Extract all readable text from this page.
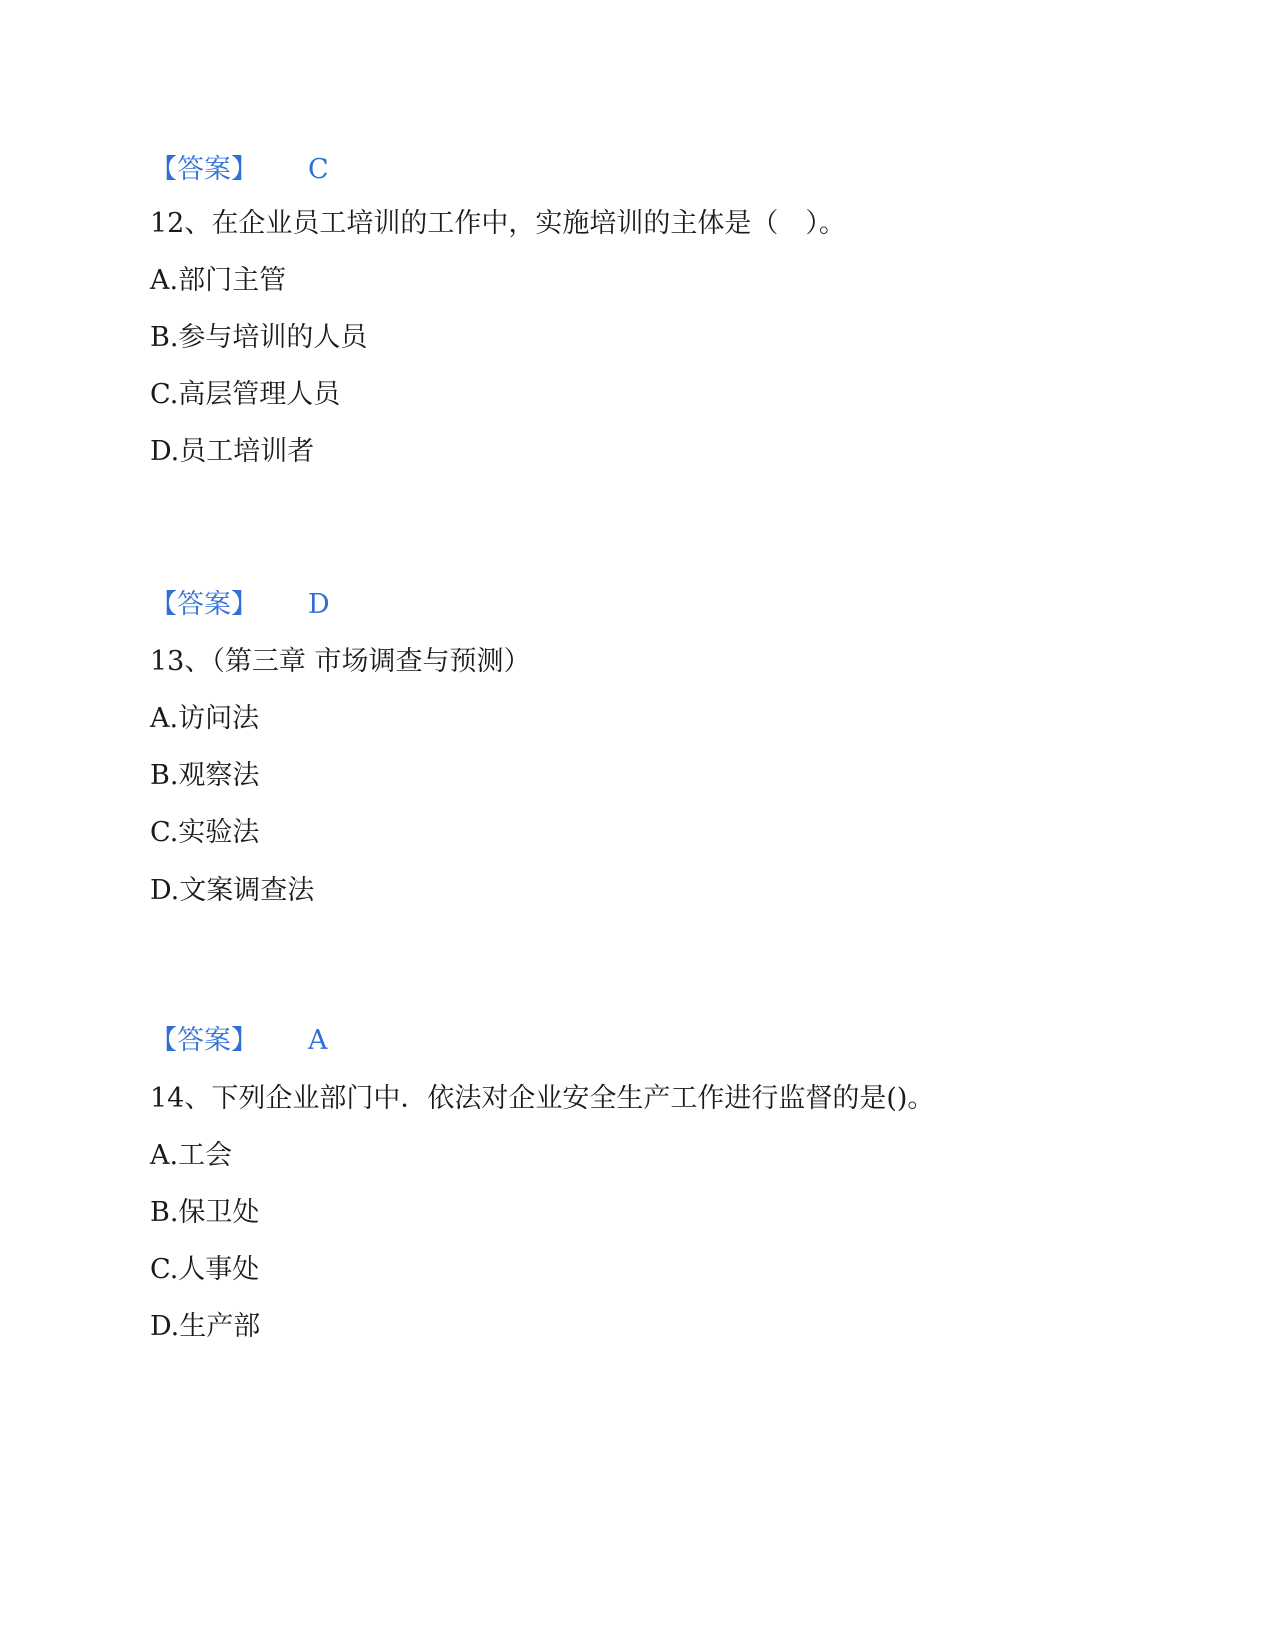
【答案】 C
12、在企业员工培训的工作中，实施培训的主体是（　）。
A.部门主管
B.参与培训的人员
C.高层管理人员
D.员工培训者
【答案】 D
13、（第三章 市场调查与预测）
A.访问法
B.观察法
C.实验法
D.文案调查法
【答案】 A
14、下列企业部门中．依法对企业安全生产工作进行监督的是()。
A.工会
B.保卫处
C.人事处
D.生产部
